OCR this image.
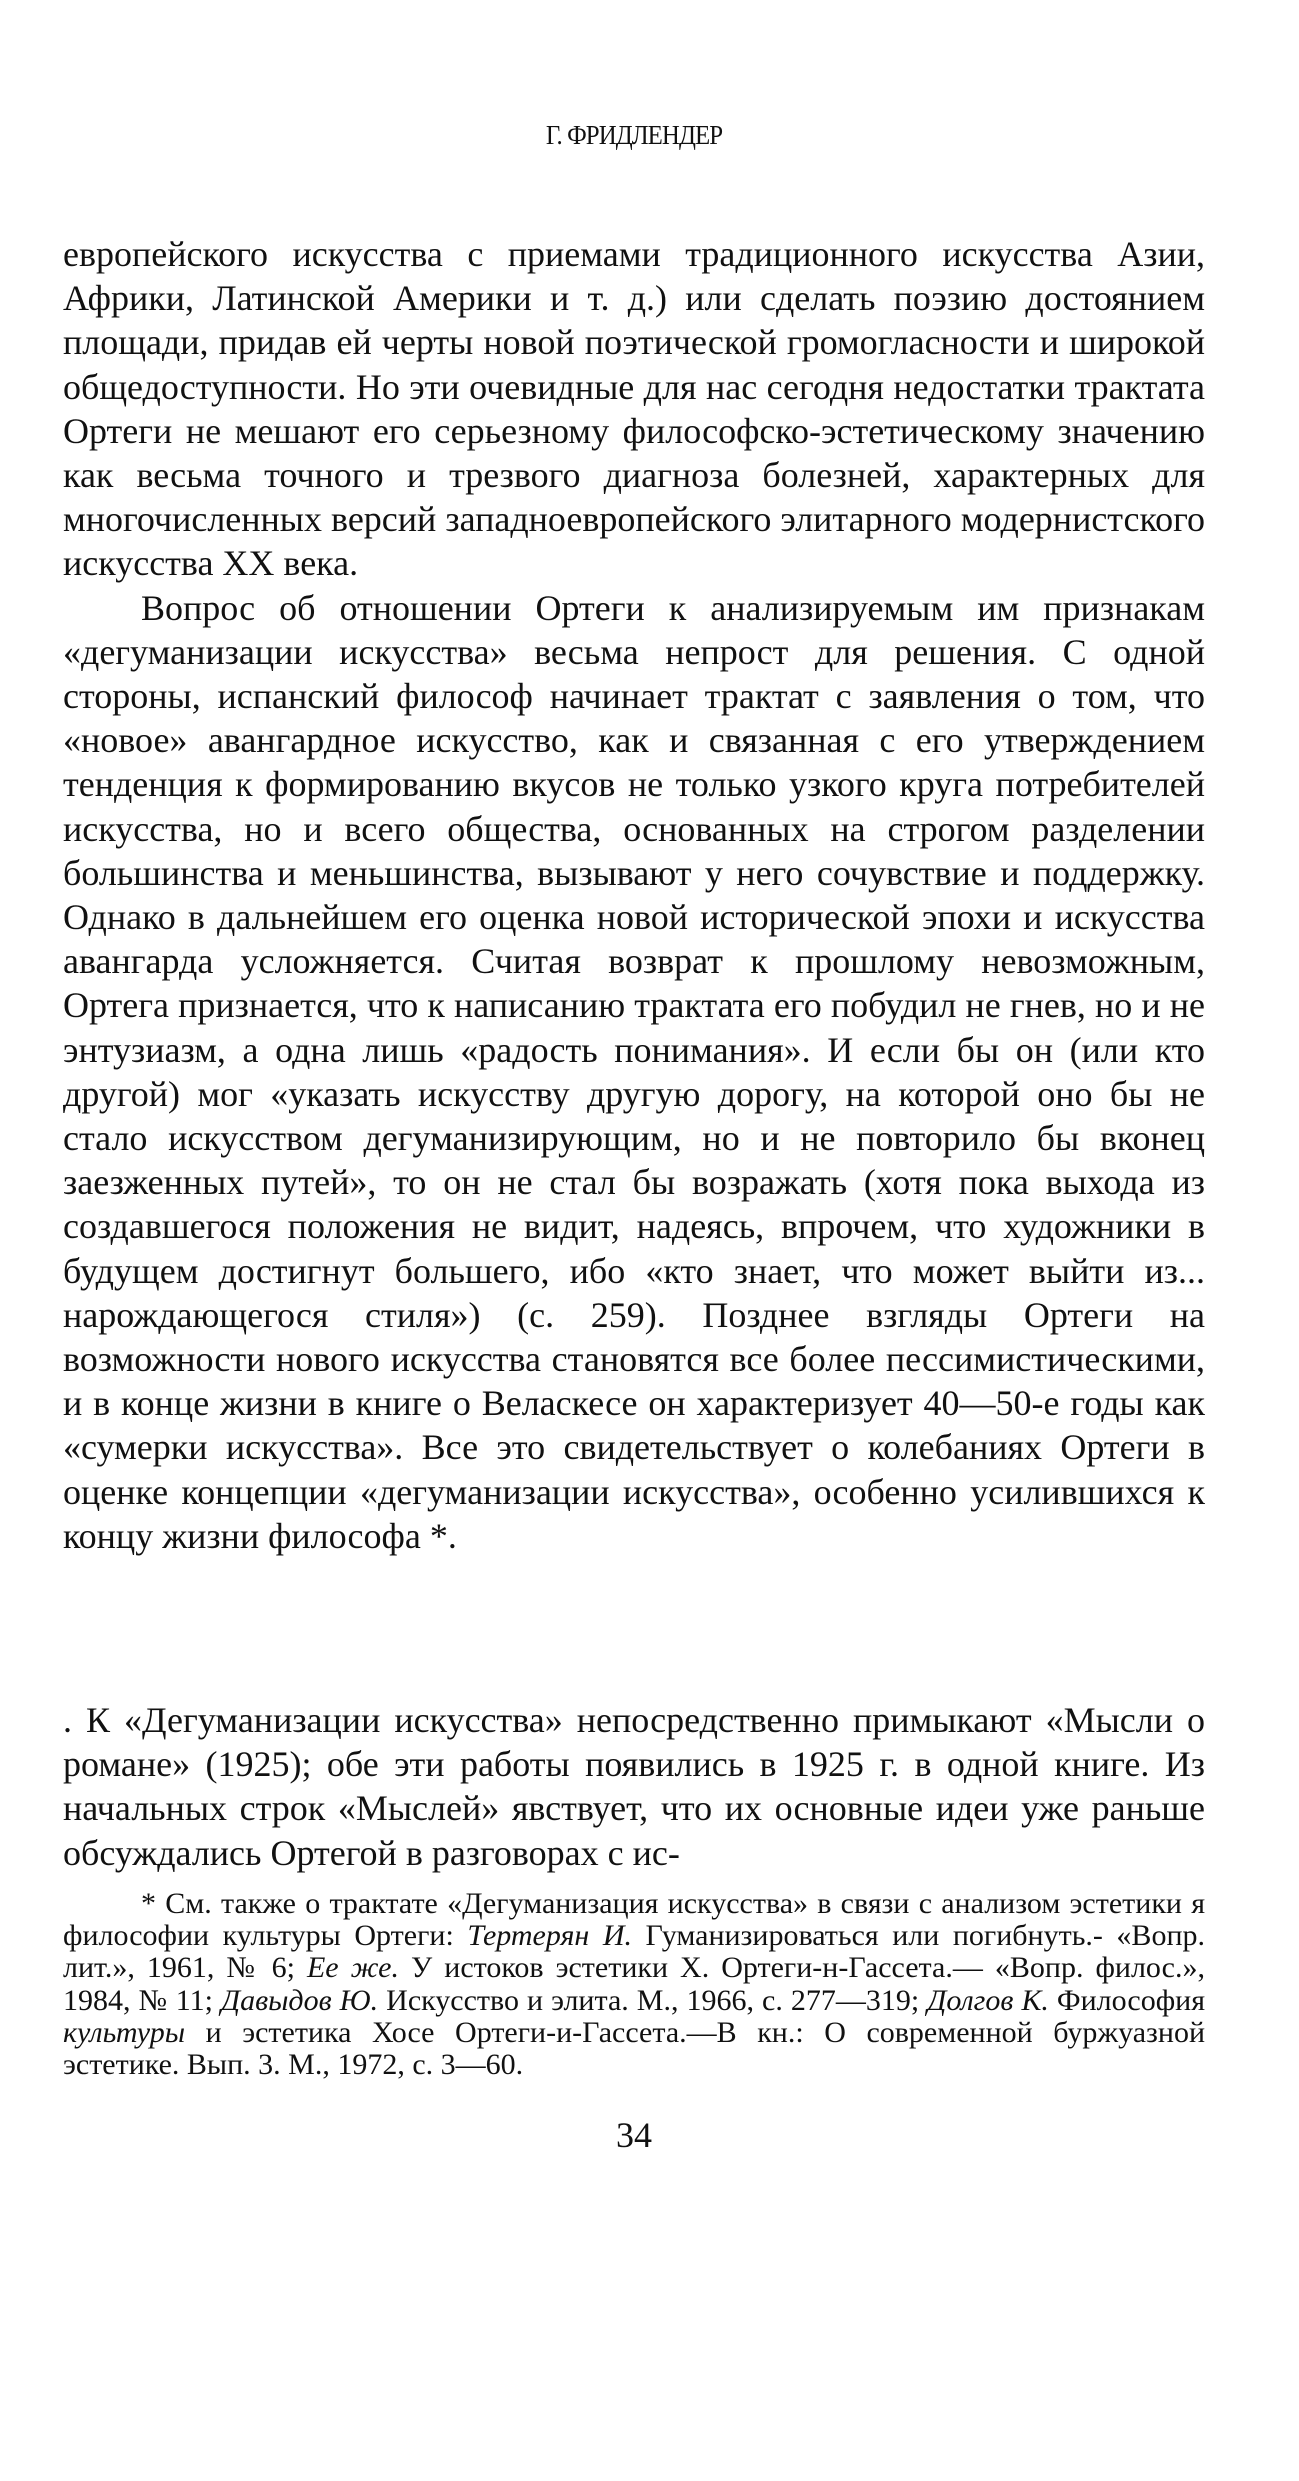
Г. ФРИДЛЕНДЕР

европейского искусства с приемами традиционного искусства Азии, Африки, Латинской Америки и т. д.) или сделать поэзию достоянием площади, придав ей черты новой поэтической громогласности и широкой общедоступности. Но эти очевидные для нас сегодня недостатки трактата Ортеги не мешают его серьезному философско-эстетическому значению как весьма точного и трезвого диагноза болезней, характерных для многочисленных версий западноевропейского элитарного модернистского искусства XX века.

Вопрос об отношении Ортеги к анализируемым им признакам «дегуманизации искусства» весьма непрост для решения. С одной стороны, испанский философ начинает трактат с заявления о том, что «новое» авангардное искусство, как и связанная с его утверждением тенденция к формированию вкусов не только узкого круга потребителей искусства, но и всего общества, основанных на строгом разделении большинства и меньшинства, вызывают у него сочувствие и поддержку. Однако в дальнейшем его оценка новой исторической эпохи и искусства авангарда усложняется. Считая возврат к прошлому невозможным, Ортега признается, что к написанию трактата его побудил не гнев, но и не энтузиазм, а одна лишь «радость понимания». И если бы он (или кто другой) мог «указать искусству другую дорогу, на которой оно бы не стало искусством дегуманизирующим, но и не повторило бы вконец заезженных путей», то он не стал бы возражать (хотя пока выхода из создавшегося положения не видит, надеясь, впрочем, что художники в будущем достигнут большего, ибо «кто знает, что может выйти из... нарождающегося стиля») (с. 259). Позднее взгляды Ортеги на возможности нового искусства становятся все более пессимистическими, и в конце жизни в книге о Веласкесе он характеризует 40—50-е годы как «сумерки искусства». Все это свидетельствует о колебаниях Ортеги в оценке концепции «дегуманизации искусства», особенно усилившихся к концу жизни философа *.

. К «Дегуманизации искусства» непосредственно примыкают «Мысли о романе» (1925); обе эти работы появились в 1925 г. в одной книге. Из начальных строк «Мыслей» явствует, что их основные идеи уже раньше обсуждались Ортегой в разговорах с ис-

* См. также о трактате «Дегуманизация искусства» в связи с анализом эстетики я философии культуры Ортеги: Тертерян И. Гуманизироваться или погибнуть.- «Вопр. лит.», 1961, № 6; Ее же. У истоков эстетики X. Ортеги-н-Гассета.— «Вопр. филос.», 1984, № 11; Давыдов Ю. Искусство и элита. М., 1966, с. 277—319; Долгов К. Философия культуры и эстетика Хосе Ортеги-и-Гассета.—В кн.: О современной буржуазной эстетике. Вып. 3. М., 1972, с. 3—60.

34
